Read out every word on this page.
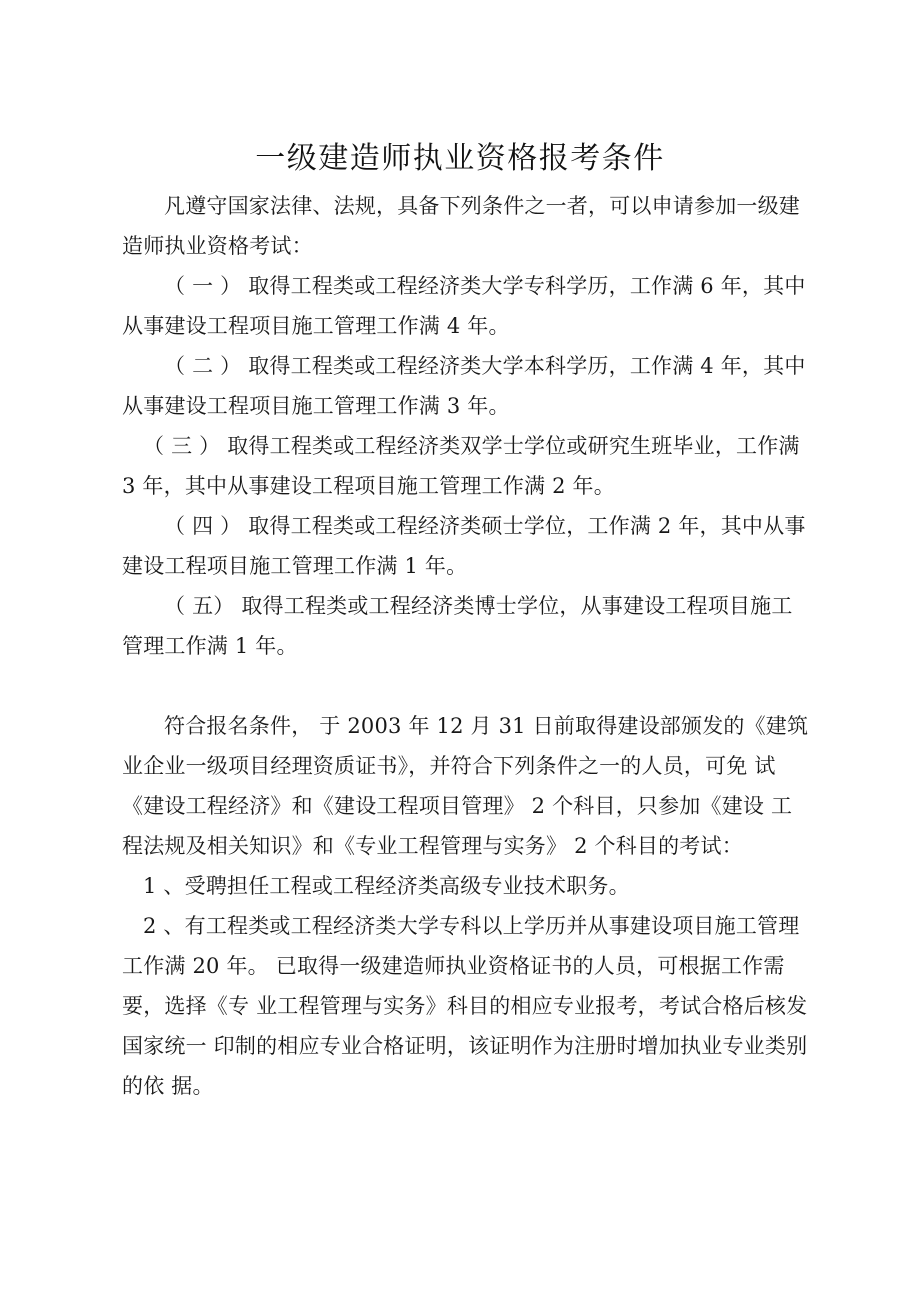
一级建造师执业资格报考条件

凡遵守国家法律、法规，具备下列条件之一者，可以申请参加一级建造师执业资格考试：

（ 一 ） 取得工程类或工程经济类大学专科学历，工作满 6 年，其中 从事建设工程项目施工管理工作满 4 年。

（ 二 ） 取得工程类或工程经济类大学本科学历，工作满 4 年，其中 从事建设工程项目施工管理工作满 3 年。

（ 三 ） 取得工程类或工程经济类双学士学位或研究生班毕业，工作满 3 年，其中从事建设工程项目施工管理工作满 2 年。

（ 四 ） 取得工程类或工程经济类硕士学位，工作满 2 年，其中从事 建设工程项目施工管理工作满 1 年。

（ 五） 取得工程类或工程经济类博士学位，从事建设工程项目施工 管理工作满 1 年。

符合报名条件， 于 2003 年 12 月 31 日前取得建设部颁发的《建筑 业企业一级项目经理资质证书》，并符合下列条件之一的人员，可免 试《建设工程经济》和《建设工程项目管理》 2 个科目，只参加《建设 工程法规及相关知识》和《专业工程管理与实务》 2 个科目的考试：

1 、受聘担任工程或工程经济类高级专业技术职务。

2 、有工程类或工程经济类大学专科以上学历并从事建设项目施工管理工作满 20 年。 已取得一级建造师执业资格证书的人员，可根据工作需要，选择《专 业工程管理与实务》科目的相应专业报考，考试合格后核发国家统一 印制的相应专业合格证明，该证明作为注册时增加执业专业类别的依 据。
